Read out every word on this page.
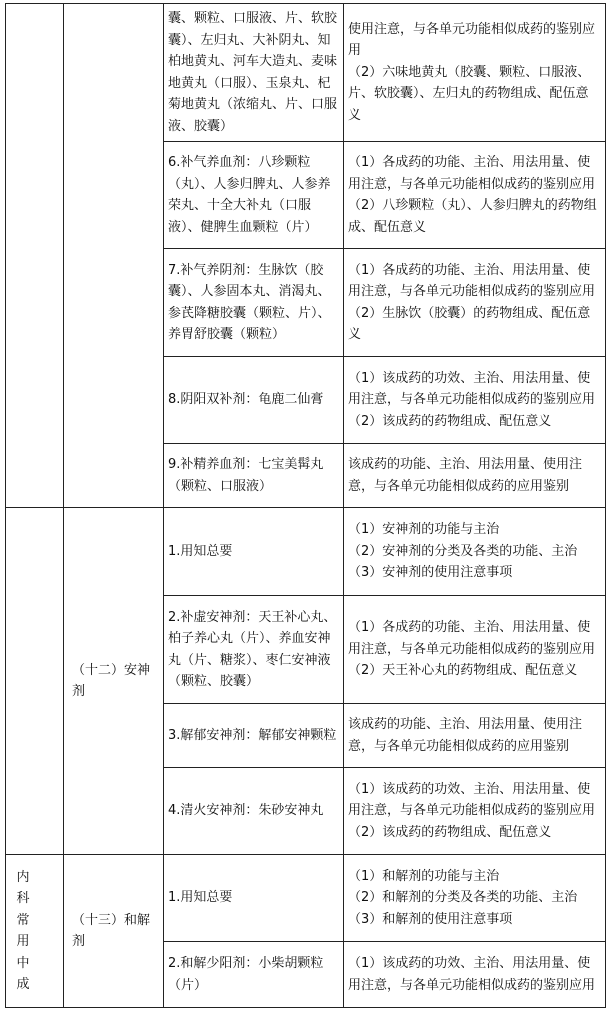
		囊、颗粒、口服液、片、软胶囊）、左归丸、大补阴丸、知柏地黄丸、河车大造丸、麦味地黄丸（口服）、玉泉丸、杞菊地黄丸（浓缩丸、片、口服液、胶囊）	使用注意，与各单元功能相似成药的鉴别应用
（2）六味地黄丸（胶囊、颗粒、口服液、片、软胶囊）、左归丸的药物组成、配伍意义

		6.补气养血剂：八珍颗粒（丸）、人参归脾丸、人参养荣丸、十全大补丸（口服液）、健脾生血颗粒（片）	（1）各成药的功能、主治、用法用量、使用注意，与各单元功能相似成药的鉴别应用
（2）八珍颗粒（丸）、人参归脾丸的药物组成、配伍意义

		7.补气养阴剂：生脉饮（胶囊）、人参固本丸、消渴丸、参芪降糖胶囊（颗粒、片）、养胃舒胶囊（颗粒）	（1）各成药的功能、主治、用法用量、使用注意，与各单元功能相似成药的鉴别应用
（2）生脉饮（胶囊）的药物组成、配伍意义

		8.阴阳双补剂：龟鹿二仙膏	（1）该成药的功效、主治、用法用量、使用注意，与各单元功能相似成药的鉴别应用
（2）该成药的药物组成、配伍意义

		9.补精养血剂：七宝美髯丸（颗粒、口服液）	该成药的功能、主治、用法用量、使用注意，与各单元功能相似成药的应用鉴别

	（十二）安神剂	1.用知总要	（1）安神剂的功能与主治
（2）安神剂的分类及各类的功能、主治
（3）安神剂的使用注意事项

		2.补虚安神剂：天王补心丸、柏子养心丸（片）、养血安神丸（片、糖浆）、枣仁安神液（颗粒、胶囊）	（1）各成药的功能、主治、用法用量、使用注意，与各单元功能相似成药的鉴别应用
（2）天王补心丸的药物组成、配伍意义

		3.解郁安神剂：解郁安神颗粒	该成药的功能、主治、用法用量、使用注意，与各单元功能相似成药的应用鉴别

		4.清火安神剂：朱砂安神丸	（1）该成药的功效、主治、用法用量、使用注意，与各单元功能相似成药的鉴别应用
（2）该成药的药物组成、配伍意义

内科常用中成	（十三）和解剂	1.用知总要	（1）和解剂的功能与主治
（2）和解剂的分类及各类的功能、主治
（3）和解剂的使用注意事项

		2.和解少阳剂：小柴胡颗粒（片）	（1）该成药的功效、主治、用法用量、使用注意，与各单元功能相似成药的鉴别应用
